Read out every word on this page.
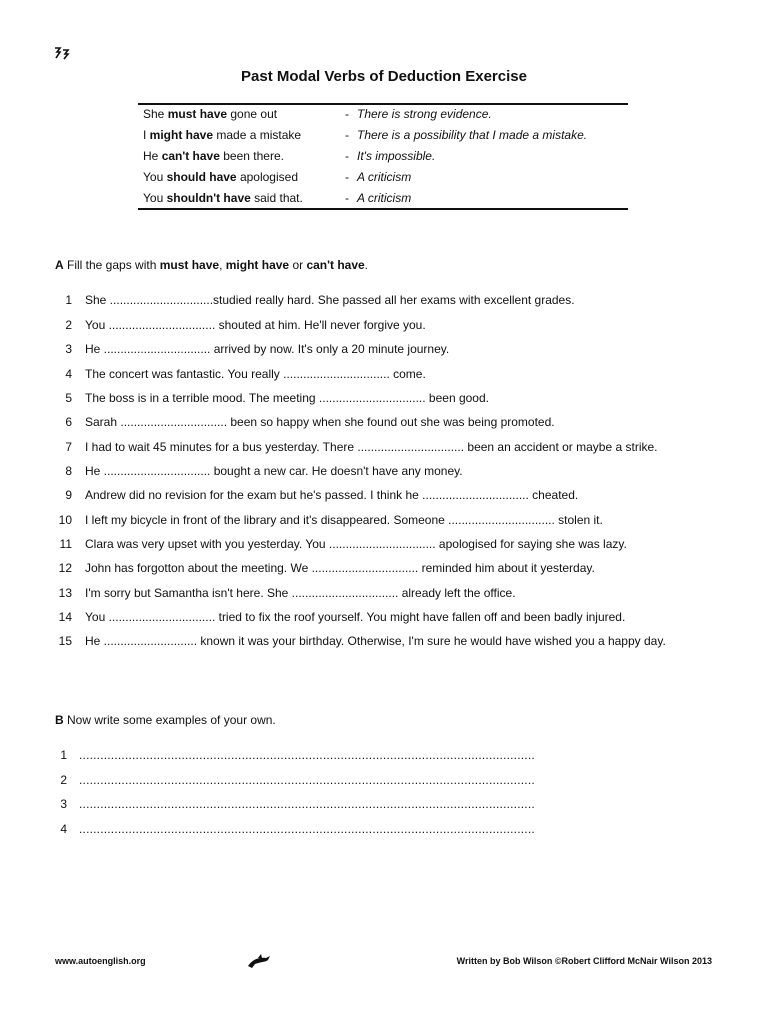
Past Modal Verbs of Deduction Exercise
She must have gone out	- There is strong evidence.
I might have made a mistake	- There is a possibility that I made a mistake.
He can't have been there.	- It's impossible.
You should have apologised	- A criticism
You shouldn't have said that.	- A criticism
A Fill the gaps with must have, might have or can't have.
1 She ...............................studied really hard. She passed all her exams with excellent grades.
2 You ................................ shouted at him. He'll never forgive you.
3 He ................................ arrived by now. It's only a 20 minute journey.
4 The concert was fantastic. You really ................................ come.
5 The boss is in a terrible mood. The meeting ................................ been good.
6 Sarah ................................ been so happy when she found out she was being promoted.
7 I had to wait 45 minutes for a bus yesterday. There ................................ been an accident or maybe a strike.
8 He ................................ bought a new car. He doesn't have any money.
9 Andrew did no revision for the exam but he's passed. I think he ................................ cheated.
10 I left my bicycle in front of the library and it's disappeared. Someone ................................ stolen it.
11 Clara was very upset with you yesterday. You ................................ apologised for saying she was lazy.
12 John has forgotton about the meeting. We ................................ reminded him about it yesterday.
13 I'm sorry but Samantha isn't here. She ................................ already left the office.
14 You ................................ tried to fix the roof yourself. You might have fallen off and been badly injured.
15 He ............................ known it was your birthday. Otherwise, I'm sure he would have wished you a happy day.
B Now write some examples of your own.
1 .................................................................................................................................
2 .................................................................................................................................
3 .................................................................................................................................
4 .................................................................................................................................
www.autoenglish.org	Written by Bob Wilson ©Robert Clifford McNair Wilson 2013
